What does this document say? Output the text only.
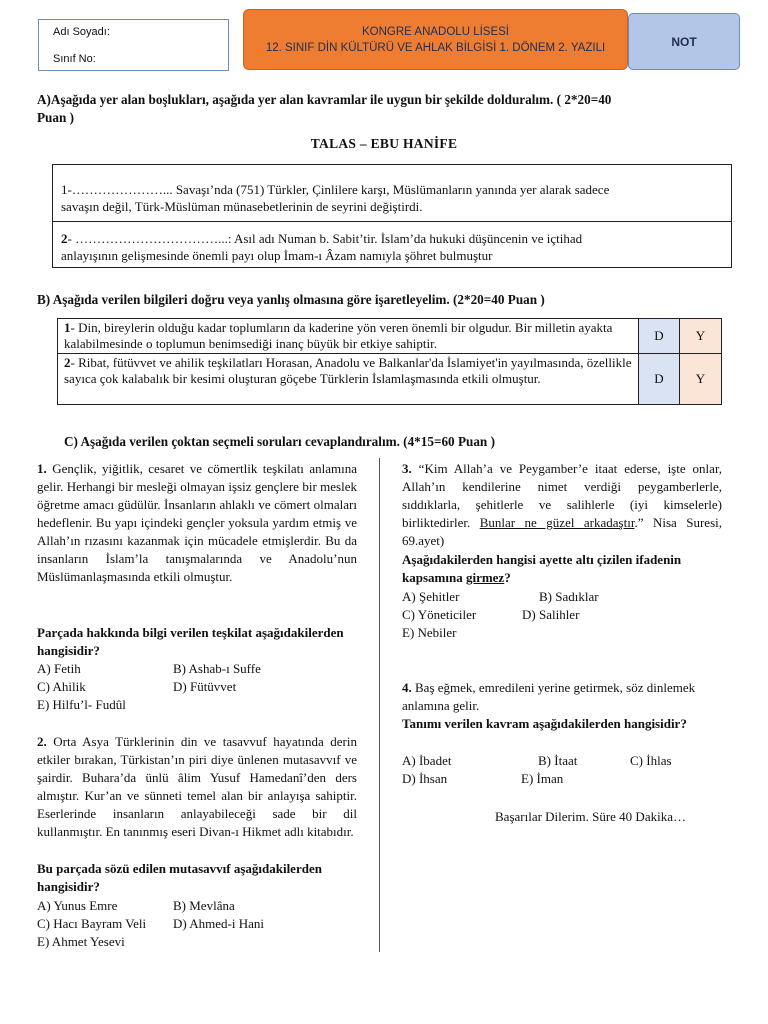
Adı Soyadı:
Sınıf No:
KONGRE ANADOLU LİSESİ
12. SINIF DİN KÜLTÜRÜ VE AHLAK BİLGİSİ 1. DÖNEM 2. YAZILI	NOT
A)Aşağıda yer alan boşlukları, aşağıda yer alan kavramlar ile uygun bir şekilde dolduralım. ( 2*20=40
Puan )
TALAS – EBU HANİFE
1-…………………... Savaşı’nda (751) Türkler, Çinlilere karşı, Müslümanların yanında yer alarak sadece
savaşın değil, Türk-Müslüman münasebetlerinin de seyrini değiştirdi.
2- ……………………………...: Asıl adı Numan b. Sabit’tir. İslam’da hukuki düşüncenin ve içtihad
anlayışının gelişmesinde önemli payı olup İmam-ı Âzam namıyla şöhret bulmuştur
B) Aşağıda verilen bilgileri doğru veya yanlış olmasına göre işaretleyelim. (2*20=40 Puan )
1- Din, bireylerin olduğu kadar toplumların da kaderine yön veren önemli bir olgudur. Bir milletin ayakta kalabilmesinde o toplumun benimsediği inanç büyük bir etkiye sahiptir.	D	Y
2- Ribat, fütüvvet ve ahilik teşkilatları Horasan, Anadolu ve Balkanlar'da İslamiyet'in yayılmasında, özellikle sayıca çok kalabalık bir kesimi oluşturan göçebe Türklerin İslamlaşmasında etkili olmuştur.	D	Y
C) Aşağıda verilen çoktan seçmeli soruları cevaplandıralım. (4*15=60 Puan )
1. Gençlik, yiğitlik, cesaret ve cömertlik teşkilatı anlamına gelir. Herhangi bir mesleği olmayan işsiz gençlere bir meslek öğretme amacı güdülür. İnsanların ahlaklı ve cömert olmaları hedeflenir. Bu yapı içindeki gençler yoksula yardım etmiş ve Allah’ın rızasını kazanmak için mücadele etmişlerdir. Bu da insanların İslam’la tanışmalarında ve Anadolu’nun Müslümanlaşmasında etkili olmuştur.
Parçada hakkında bilgi verilen teşkilat aşağıdakilerden hangisidir?
A) Fetih	B) Ashab-ı Suffe
C) Ahilik	D) Fütüvvet
E) Hilfu’l- Fudûl
2. Orta Asya Türklerinin din ve tasavvuf hayatında derin etkiler bırakan, Türkistan’ın piri diye ünlenen mutasavvıf ve şairdir. Buhara’da ünlü âlim Yusuf Hamedanî’den ders almıştır. Kur’an ve sünneti temel alan bir anlayışa sahiptir. Eserlerinde insanların anlayabileceği sade bir dil kullanmıştır. En tanınmış eseri Divan-ı Hikmet adlı kitabıdır.
Bu parçada sözü edilen mutasavvıf aşağıdakilerden hangisidir?
A) Yunus Emre	B) Mevlâna
C) Hacı Bayram Veli D) Ahmed-i Hani
E) Ahmet Yesevi
3. “Kim Allah’a ve Peygamber’e itaat ederse, işte onlar, Allah’ın kendilerine nimet verdiği peygamberlerle, sıddıklarla, şehitlerle ve salihlerle (iyi kimselerle) birliktedirler. Bunlar ne güzel arkadaştır.” Nisa Suresi, 69.ayet)
Aşağıdakilerden hangisi ayette altı çizilen ifadenin kapsamına girmez?
A) Şehitler	B) Sadıklar
C) Yöneticiler	D) Salihler
E) Nebiler
4. Baş eğmek, emredileni yerine getirmek, söz dinlemek anlamına gelir.
Tanımı verilen kavram aşağıdakilerden hangisidir?
A) İbadet	B) İtaat	C) İhlas
D) İhsan	E) İman
Başarılar Dilerim. Süre 40 Dakika…
